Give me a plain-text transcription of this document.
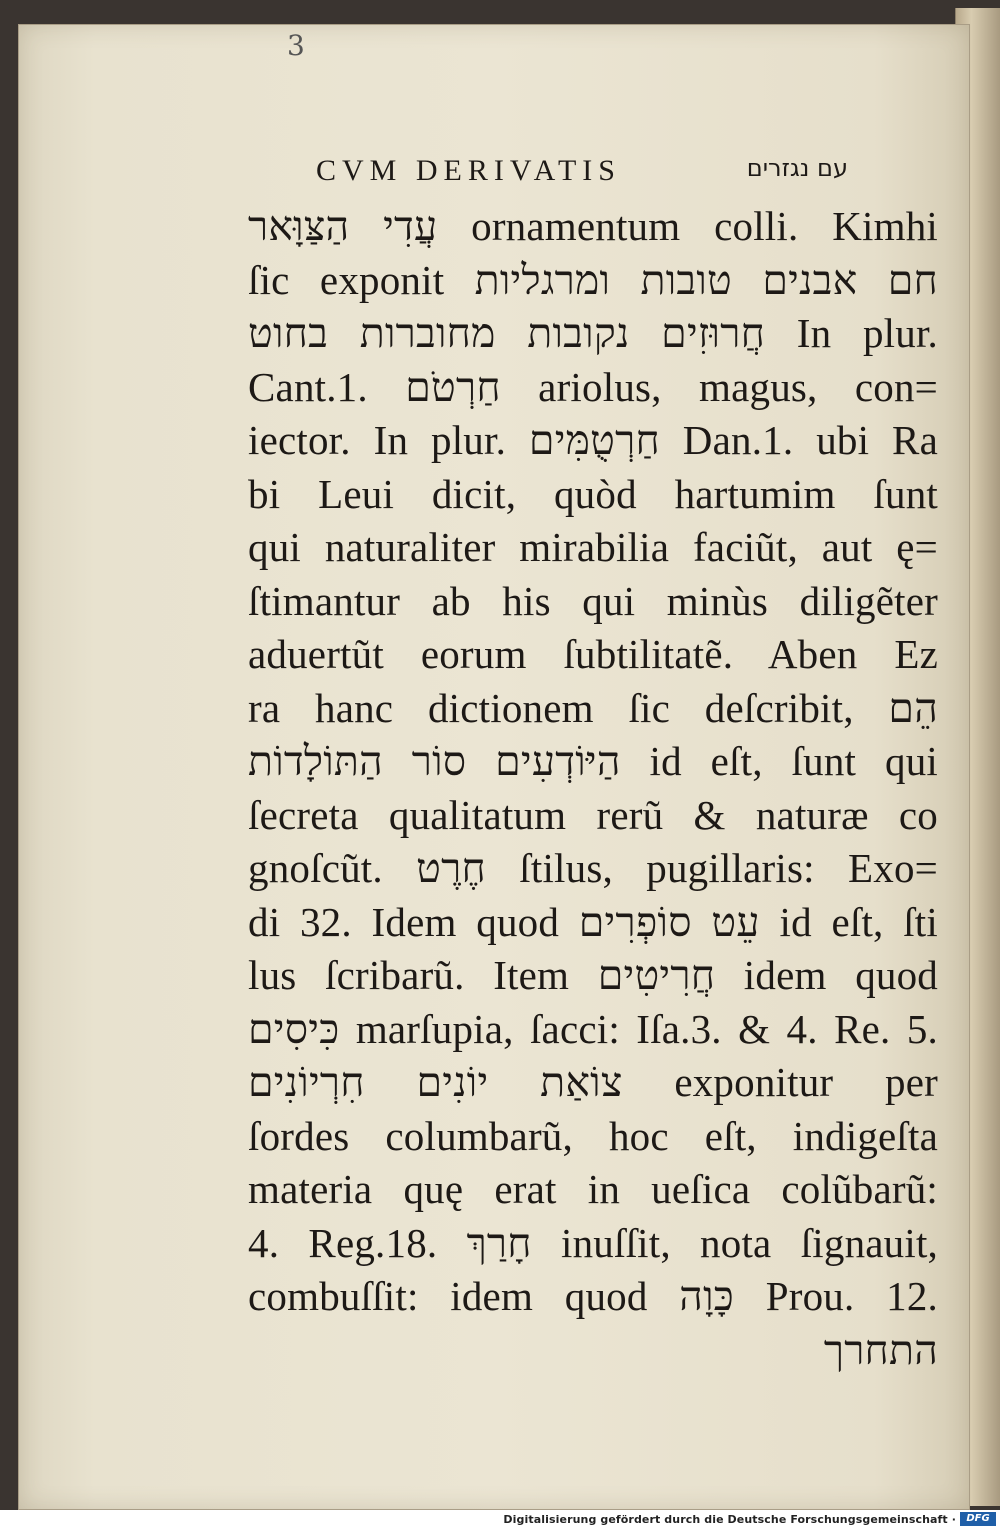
3
CVM DERIVATIS	עם נגזרים
עֲדִי הַצַּוָּאר ornamentum colli. Kimhi
ſic exponit חם אבנים טובות ומרגליות
חֲרוּזִים נקובות מחוברות בחוט In plur.
Cant.1. חַרְטֹם ariolus, magus, con=
iector. In plur. חַרְטֻמִּים Dan.1. ubi Ra
bi Leui dicit, quòd hartumim ſunt
qui naturaliter mirabilia faciũt, aut ę=
ſtimantur ab his qui minùs diligẽter
aduertũt eorum ſubtilitatẽ. Aben Ez
ra hanc dictionem ſic deſcribit, הֵם
הַיּוֹדְעִים סוֹר הַתּוֹלָדוֹת id eſt, ſunt qui
ſecreta qualitatum rerũ & naturæ co
gnoſcũt. חֶרֶט ſtilus, pugillaris: Exo=
di 32. Idem quod עֵט סוֹפְרִים id eſt, ſti
lus ſcribarũ. Item חֲרִיטִים idem quod
כִּיסִים marſupia, ſacci: Iſa.3. & 4. Re. 5.
צוֹאַת יוֹנִים חִרְיוֹנִים exponitur per
ſordes columbarũ, hoc eſt, indigeſta
materia quę erat in ueſica colũbarũ:
4. Reg.18. חָרַךְ inuſſit, nota ſignauit,
combuſſit: idem quod כָּוָה Prou. 12.
התחרך
Digitalisierung gefördert durch die Deutsche Forschungsgemeinschaft ·	DFG
